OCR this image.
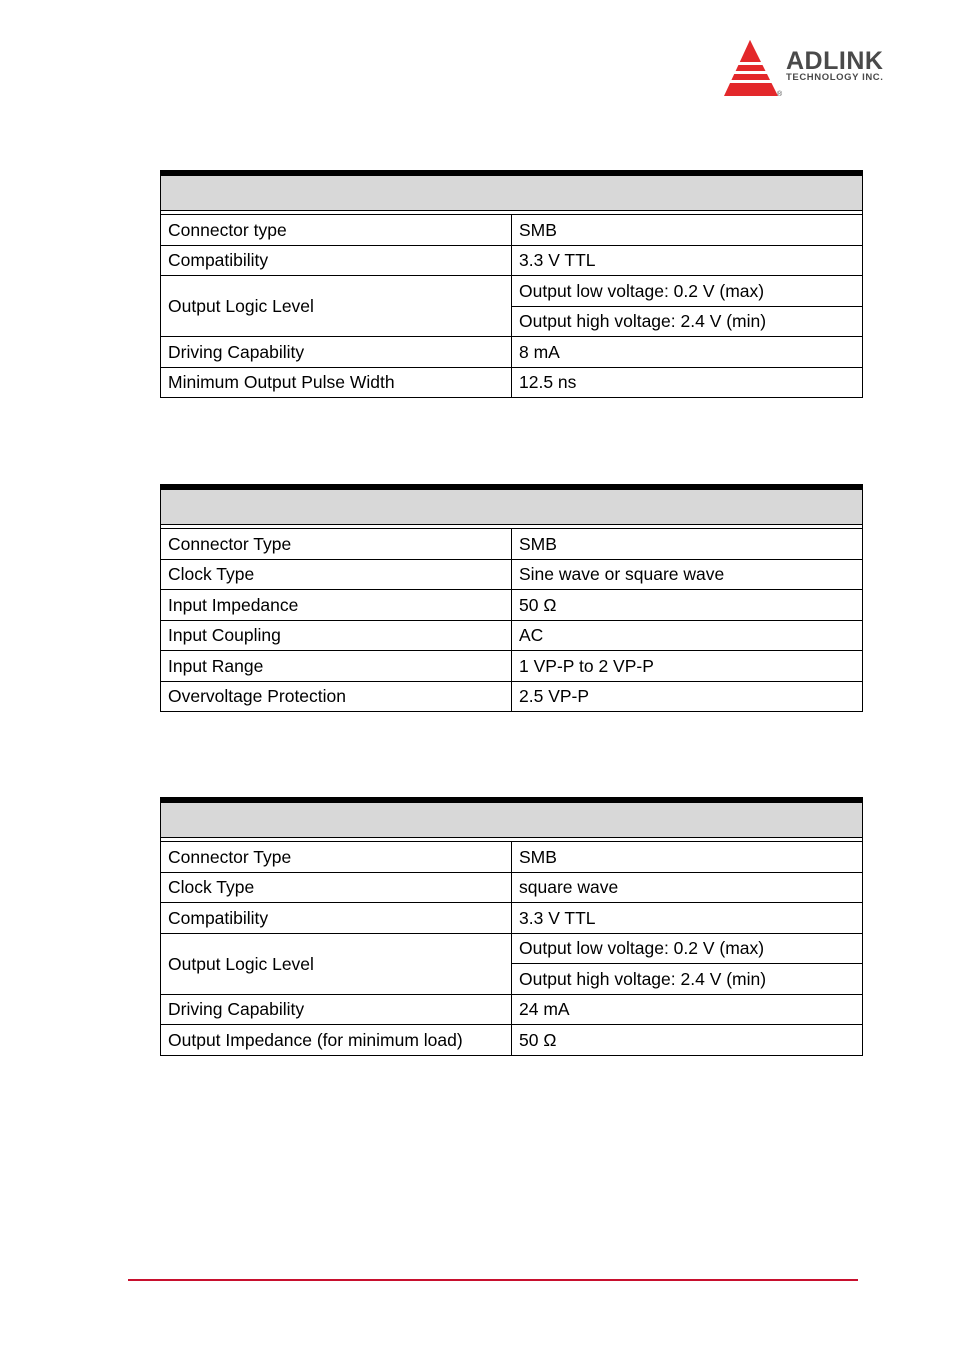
®
ADLINK
TECHNOLOGY INC.

Connector type	SMB
Compatibility	3.3 V TTL
Output Logic Level	Output low voltage: 0.2 V (max)
	Output high voltage: 2.4 V (min)
Driving Capability	8 mA
Minimum Output Pulse Width	12.5 ns

Connector Type	SMB
Clock Type	Sine wave or square wave
Input Impedance	50 Ω
Input Coupling	AC
Input Range	1 VP-P to 2 VP-P
Overvoltage Protection	2.5 VP-P

Connector Type	SMB
Clock Type	square wave
Compatibility	3.3 V TTL
Output Logic Level	Output low voltage: 0.2 V (max)
	Output high voltage: 2.4 V (min)
Driving Capability	24 mA
Output Impedance (for minimum load)	50 Ω
